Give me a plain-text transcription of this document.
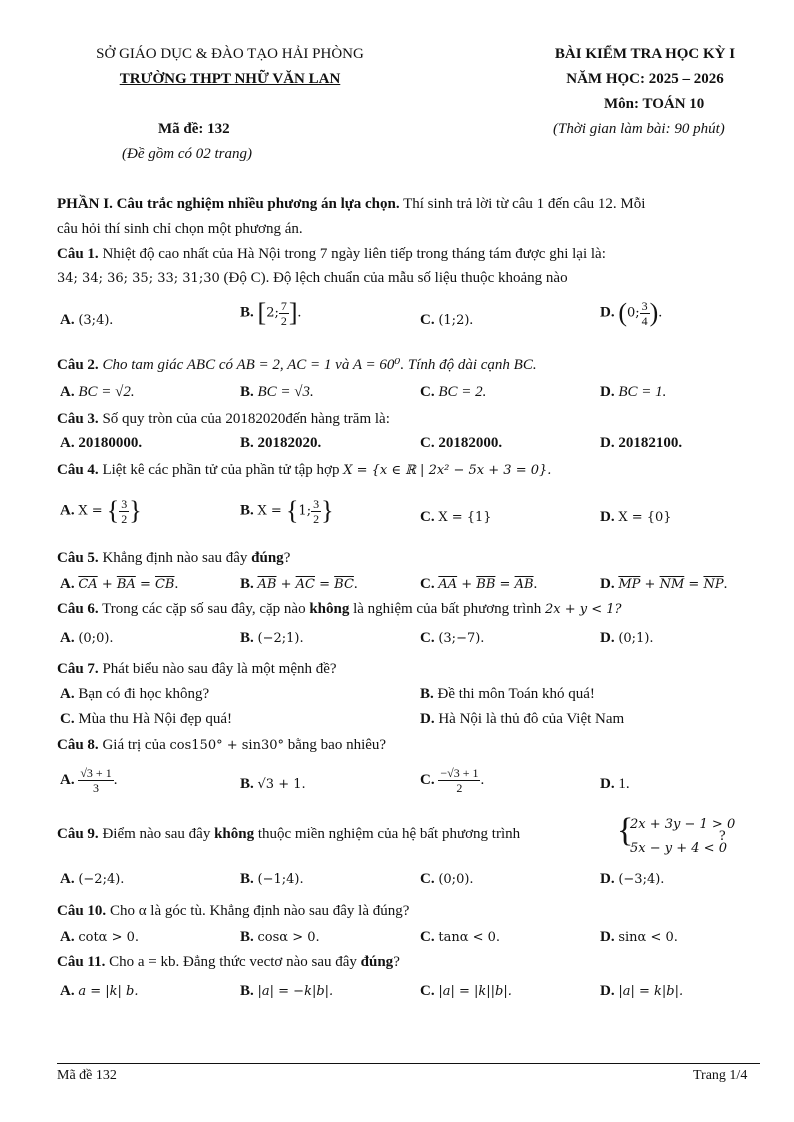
SỞ GIÁO DỤC & ĐÀO TẠO HẢI PHÒNG
TRƯỜNG THPT NHỮ VĂN LAN
BÀI KIỂM TRA HỌC KỲ I
NĂM HỌC: 2025 – 2026
Môn: TOÁN 10
Mã đề: 132
(Đề gồm có 02 trang)
(Thời gian làm bài: 90 phút)
PHẦN I. Câu trắc nghiệm nhiều phương án lựa chọn. Thí sinh trả lời từ câu 1 đến câu 12. Mỗi
câu hỏi thí sinh chỉ chọn một phương án.
Câu 1. Nhiệt độ cao nhất của Hà Nội trong 7 ngày liên tiếp trong tháng tám được ghi lại là:
34; 34; 36; 35; 33; 31;30 (Độ C). Độ lệch chuẩn của mẫu số liệu thuộc khoảng nào
A. (3;4).	B. [2; $\frac{7}{2}$ ].	C. (1;2).	D. (0; $\frac{3}{4}$ ).
Câu 2. Cho tam giác ABC có AB = 2, AC = 1 và A = 60⁰. Tính độ dài cạnh BC.
A. BC = √2.	B. BC = √3.	C. BC = 2.	D. BC = 1.
Câu 3. Số quy tròn của của 20182020đến hàng trăm là:
A. 20180000.	B. 20182020.	C. 20182000.	D. 20182100.
Câu 4. Liệt kê các phần tử của phần tử tập hợp X = {x ∈ ℝ | 2x² − 5x + 3 = 0}.
A. X = { $\frac{3}{2}$ }	B. X = {1; $\frac{3}{2}$ }	C. X = {1}	D. X = {0}
Câu 5. Khẳng định nào sau đây đúng?
A. $\overline{CA} + \overline{BA} = \overline{CB}$.	B. $\overline{AB} + \overline{AC} = \overline{BC}$.	C. $\overline{AA} + \overline{BB} = \overline{AB}$.	D. $\overline{MP} + \overline{NM} = \overline{NP}$.
Câu 6. Trong các cặp số sau đây, cặp nào không là nghiệm của bất phương trình 2x + y < 1?
A. (0;0).	B. (−2;1).	C. (3;−7).	D. (0;1).
Câu 7. Phát biểu nào sau đây là một mệnh đề?
A. Bạn có đi học không?	B. Đề thi môn Toán khó quá!
C. Mùa thu Hà Nội đẹp quá!	D. Hà Nội là thủ đô của Việt Nam
Câu 8. Giá trị của cos150° + sin30° bằng bao nhiêu?
A. $\frac{√3 + 1}{3}$ .	B. √3 + 1.	C. $\frac{-√3 + 1}{2}$ .	D. 1.
Câu 9. Điểm nào sau đây không thuộc miền nghiệm của hệ bất phương trình	{
2x + 3y − 1 > 0
5x − y + 4 < 0
?
A. (−2;4).	B. (−1;4).	C. (0;0).	D. (−3;4).
Câu 10. Cho α là góc tù. Khẳng định nào sau đây là đúng?
A. cotα > 0.	B. cosα > 0.	C. tanα < 0.	D. sinα < 0.
Câu 11. Cho a = kb. Đẳng thức vectơ nào sau đây đúng?
A. a = |k| b.	B. |a| = −k|b|.	C. |a| = |k||b|.	D. |a| = k|b|.
Mã đề 132	Trang 1/4
